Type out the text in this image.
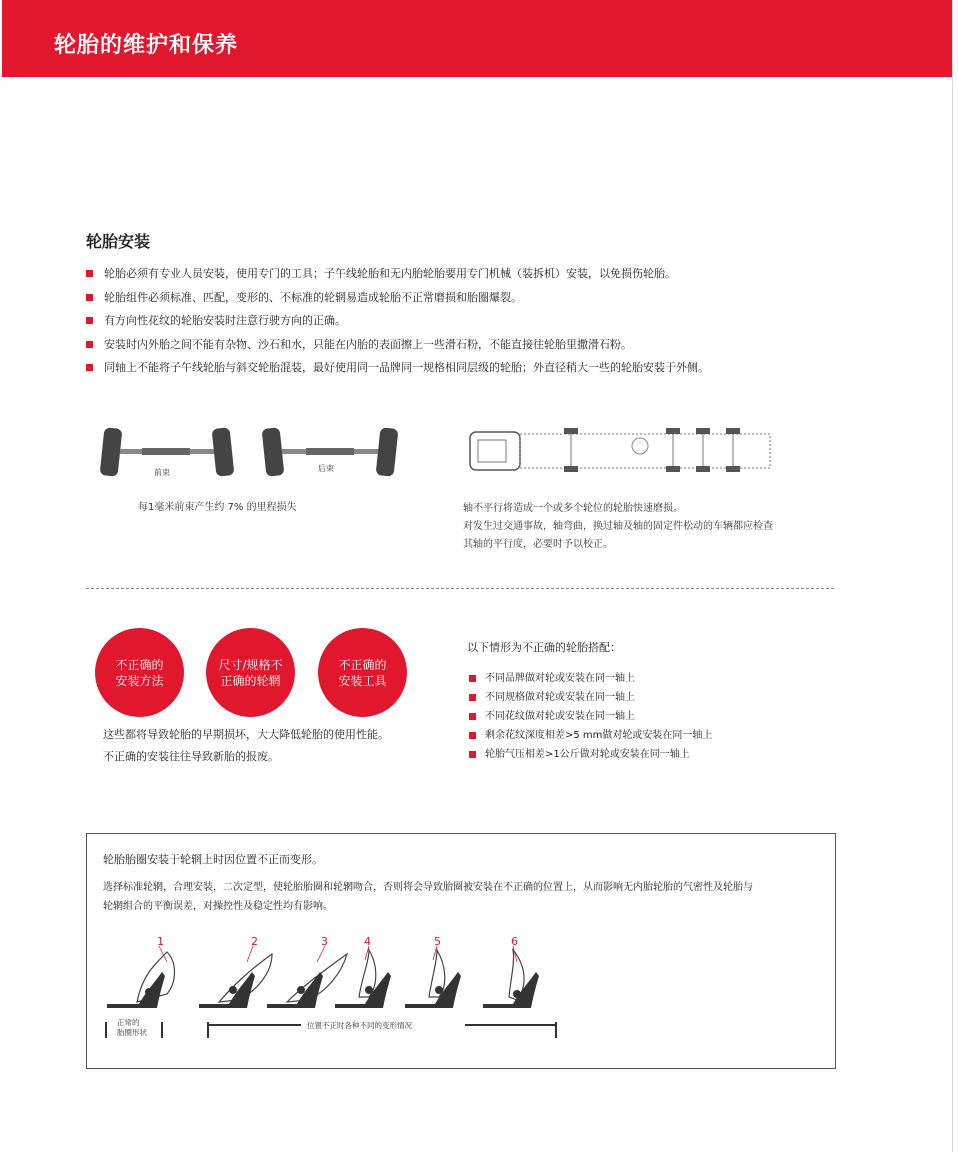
轮胎的维护和保养
轮胎安装
轮胎必须有专业人员安装，使用专门的工具；子午线轮胎和无内胎轮胎要用专门机械（装拆机）安装，以免损伤轮胎。
轮胎组件必须标准、匹配，变形的、不标准的轮辋易造成轮胎不正常磨损和胎圈爆裂。
有方向性花纹的轮胎安装时注意行驶方向的正确。
安装时内外胎之间不能有杂物、沙石和水，只能在内胎的表面擦上一些滑石粉，不能直接往轮胎里撒滑石粉。
同轴上不能将子午线轮胎与斜交轮胎混装，最好使用同一品牌同一规格相同层级的轮胎；外直径稍大一些的轮胎安装于外侧。
前束	后束
每1毫米前束产生约 7% 的里程损失	轴不平行将造成一个或多个轮位的轮胎快速磨损。
对发生过交通事故，轴弯曲，换过轴及轴的固定件松动的车辆都应检查
其轴的平行度，必要时予以校正。
不正确的
安装方法
尺寸/规格不
正确的轮辋
不正确的
安装工具
这些都将导致轮胎的早期损坏，大大降低轮胎的使用性能。
不正确的安装往往导致新胎的报废。
以下情形为不正确的轮胎搭配：
不同品牌做对轮或安装在同一轴上
不同规格做对轮或安装在同一轴上
不同花纹做对轮或安装在同一轴上
剩余花纹深度相差>5 mm做对轮或安装在同一轴上
轮胎气压相差>1公斤做对轮或安装在同一轴上
轮胎胎圈安装于轮辋上时因位置不正而变形。
选择标准轮辋，合理安装，二次定型，使轮胎胎圈和轮辋吻合，否则将会导致胎圈被安装在不正确的位置上，从而影响无内胎轮胎的气密性及轮胎与
轮辋组合的平衡误差，对操控性及稳定性均有影响。
1	2	3	4	5	6
正常的
胎圈形状
位置不正时各种不同的变形情况
